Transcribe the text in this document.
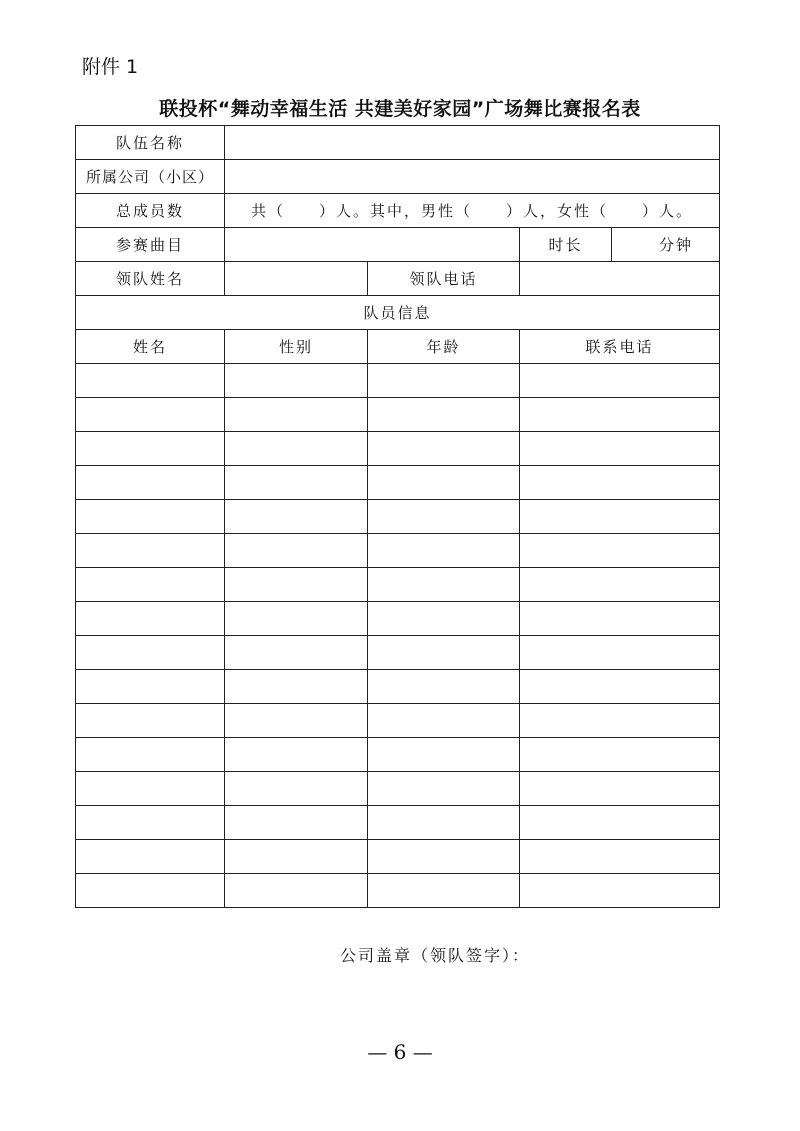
附件 1
联投杯“舞动幸福生活 共建美好家园”广场舞比赛报名表
队伍名称				
所属公司（小区）				
总成员数	共（ ）人。其中，男性（ ）人，女性（ ）人。			
参赛曲目			时长	分钟
领队姓名		领队电话		
队员信息				
姓名	性别	年龄	联系电话	

公司盖章（领队签字）：
— 6 —
